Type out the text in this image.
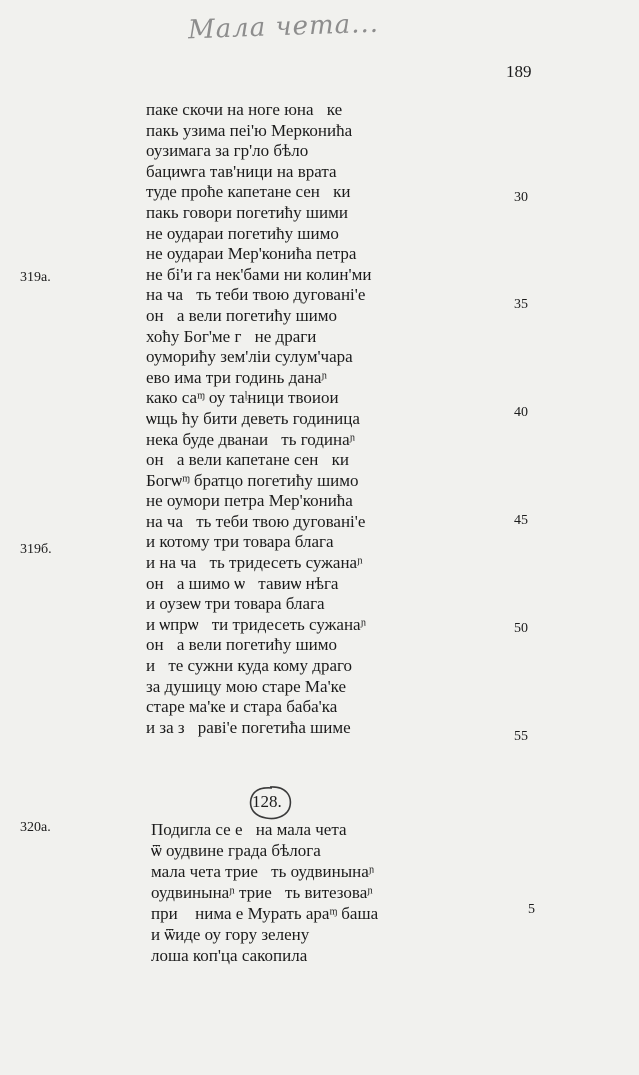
Мала чета...
189
паке скочи на ноге юна᷑ке
пакь узима пеi'ю Мерконића
оузимага за гр'ло бѣло
бациѡга тав'ници на врата
туде проће капетане сен᷑ки
пакь говори погетићу шими
не оудараи погетићу шимо
не оудараи Мер'конића петра
не бі'и га нек'бами ни колин'ми
на чаᷔть теби твою дуговані'е
онᷠа вели погетићу шимо
хоћу Бог'ме гᷔне драги
оуморићу зем'ліи сулум'чара
ево има три годинь данаᶮ
како саᶬ оу таᶪници твоиои
ѡщь ћу бити деветь годиница
нека буде дванаиᷔть годинаᶮ
онᷠа вели капетане сен᷑ки
Богѡᶬ братцо погетићу шимо
не оумори петра Мер'конића
на чаᷔть теби твою дуговані'е
и котому три товара блага
и на ча᷑ть тридесеть сужанаᶮ
онᷠа шимо ѡᷔтавиѡ нѣга
и оузеѡ три товара блага
и ѡпрѡᷔти тридесеть сужанаᶮ
онᷠа вели погетићу шимо
иᷠте сужни куда кому драго
за душицу мою старе Ма'ке
старе ма'ке и стара баба'ка
и за зᷠраві'е погетића шиме
128.
Подигла се еᷠна мала чета
ѿ оудвине града бѣлога
мала чета триеᷔть оудвинынаᶮ
оудвинынаᶮ триеᷔть витезоваᶮ
приᷠ нима е Мурать араᶬ баша
и ѿиде оу гору зелену
лоша коп'ца сакопила
319a.
319б.
320a.
30
35
40
45
50
55
5
